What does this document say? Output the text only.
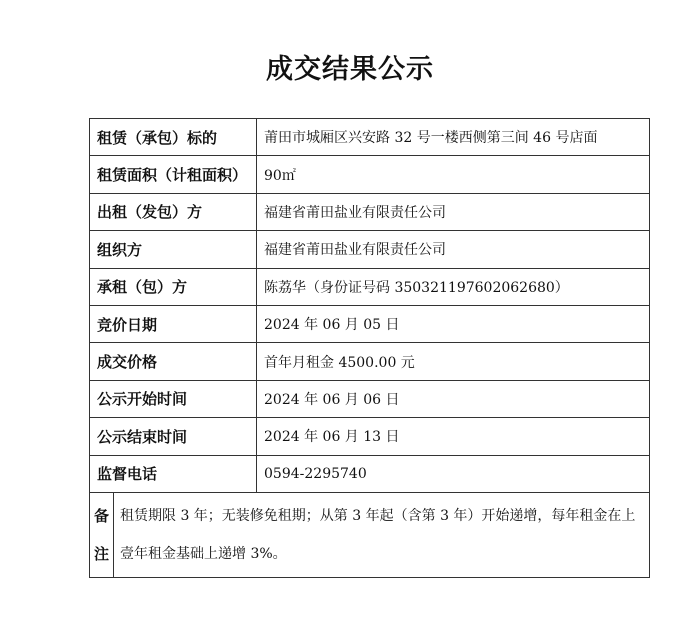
成交结果公示
租赁（承包）标的		莆田市城厢区兴安路 32 号一楼西侧第三间 46 号店面
租赁面积（计租面积）		90㎡
出租（发包）方		福建省莆田盐业有限责任公司
组织方		福建省莆田盐业有限责任公司
承租（包）方		陈荔华（身份证号码 350321197602062680）
竞价日期		2024 年 06 月 05 日
成交价格		首年月租金 4500.00 元
公示开始时间		2024 年 06 月 06 日
公示结束时间		2024 年 06 月 13 日
监督电话		0594-2295740

备
注	租赁期限 3 年；无装修免租期；从第 3 年起（含第 3 年）开始递增，每年租金在上壹年租金基础上递增 3%。	
